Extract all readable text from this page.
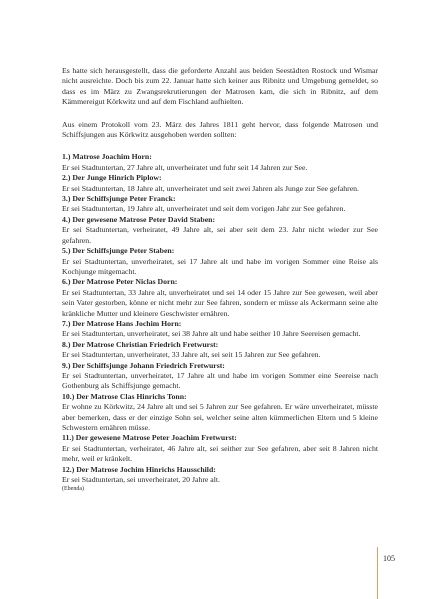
Es hatte sich herausgestellt, dass die geforderte Anzahl aus beiden Seestädten Rostock und Wismar nicht ausreichte. Doch bis zum 22. Januar hatte sich keiner aus Ribnitz und Umgebung gemeldet, so dass es im März zu Zwangsrekrutierungen der Matrosen kam, die sich in Ribnitz, auf dem Kämmereigut Körkwitz und auf dem Fischland aufhielten.

Aus einem Protokoll vom 23. März des Jahres 1811 geht hervor, dass folgende Matrosen und Schiffsjungen aus Körkwitz ausgehoben werden sollten:

1.) Matrose Joachim Horn:

Er sei Stadtuntertan, 27 Jahre alt, unverheiratet und fuhr seit 14 Jahren zur See.

2.) Der Junge Hinrich Piplow:

Er sei Stadtuntertan, 18 Jahre alt, unverheiratet und seit zwei Jahren als Junge zur See gefahren.

3.) Der Schiffsjunge Peter Franck:

Er sei Stadtuntertan, 19 Jahre alt, unverheiratet und seit dem vorigen Jahr zur See gefahren.

4.) Der gewesene Matrose Peter David Staben:

Er sei Stadtuntertan, verheiratet, 49 Jahre alt, sei aber seit dem 23. Jahr nicht wieder zur See gefahren.

5.) Der Schiffsjunge Peter Staben:

Er sei Stadtuntertan, unverheiratet, sei 17 Jahre alt und habe im vorigen Sommer eine Reise als Kochjunge mitgemacht.

6.) Der Matrose Peter Niclas Dorn:

Er sei Stadtuntertan, 33 Jahre alt, unverheiratet und sei 14 oder 15 Jahre zur See gewesen, weil aber sein Vater gestorben, könne er nicht mehr zur See fahren, sondern er müsse als Ackermann seine alte kränkliche Mutter und kleinere Geschwister ernähren.

7.) Der Matrose Hans Jochim Horn:

Er sei Stadtuntertan, unverheiratet, sei 38 Jahre alt und habe seither 10 Jahre Seereisen gemacht.

8.) Der Matrose Christian Friedrich Fretwurst:

Er sei Stadtuntertan, unverheiratet, 33 Jahre alt, sei seit 15 Jahren zur See gefahren.

9.) Der Schiffsjunge Johann Friedrich Fretwurst:

Er sei Stadtuntertan, unverheiratet, 17 Jahre alt und habe im vorigen Sommer eine Seereise nach Gothenburg als Schiffsjunge gemacht.

10.) Der Matrose Clas Hinrichs Tonn:

Er wohne zu Körkwitz, 24 Jahre alt und sei 5 Jahren zur See gefahren. Er wäre unverheiratet, müsste aber bemerken, dass er der einzige Sohn sei, welcher seine alten kümmerlichen Eltern und 5 kleine Schwestern ernähren müsse.

11.) Der gewesene Matrose Peter Joachim Fretwurst:

Er sei Stadtuntertan, verheiratet, 46 Jahre alt, sei seither zur See gefahren, aber seit 8 Jahren nicht mehr, weil er kränkelt.

12.) Der Matrose Jochim Hinrichs Hausschild:

Er sei Stadtuntertan, sei unverheiratet, 20 Jahre alt.

(Ebenda)

105
